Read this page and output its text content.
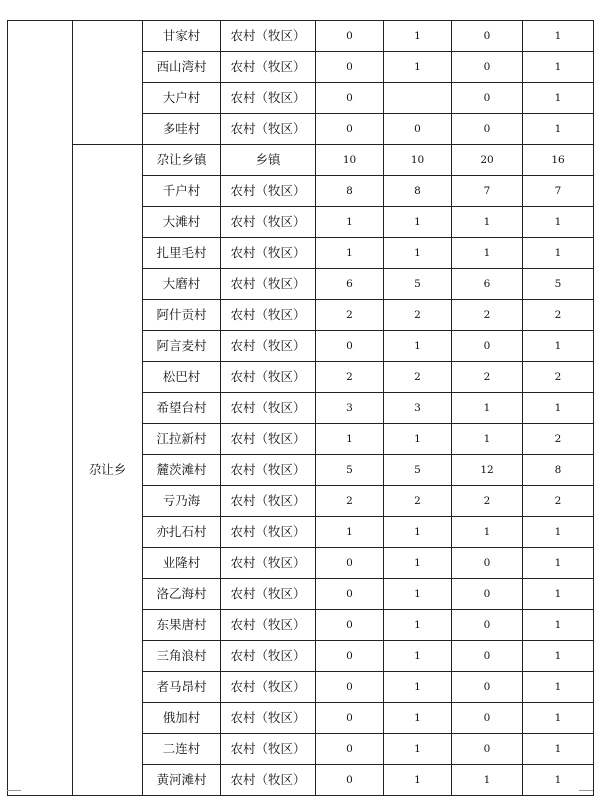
		甘家村	农村（牧区）	0	1	0	1
		西山湾村	农村（牧区）	0	1	0	1
		大户村	农村（牧区）	0		0	1
		多哇村	农村（牧区）	0	0	0	1
	尕让乡	尕让乡镇	乡镇	10	10	20	16
		千户村	农村（牧区）	8	8	7	7
		大滩村	农村（牧区）	1	1	1	1
		扎里毛村	农村（牧区）	1	1	1	1
		大磨村	农村（牧区）	6	5	6	5
		阿什贡村	农村（牧区）	2	2	2	2
		阿言麦村	农村（牧区）	0	1	0	1
		松巴村	农村（牧区）	2	2	2	2
		希望台村	农村（牧区）	3	3	1	1
		江拉新村	农村（牧区）	1	1	1	2
		麓茨滩村	农村（牧区）	5	5	12	8
		亏乃海	农村（牧区）	2	2	2	2
		亦扎石村	农村（牧区）	1	1	1	1
		业隆村	农村（牧区）	0	1	0	1
		洛乙海村	农村（牧区）	0	1	0	1
		东果唐村	农村（牧区）	0	1	0	1
		三角浪村	农村（牧区）	0	1	0	1
		者马昂村	农村（牧区）	0	1	0	1
		俄加村	农村（牧区）	0	1	0	1
		二连村	农村（牧区）	0	1	0	1
		黄河滩村	农村（牧区）	0	1	1	1
